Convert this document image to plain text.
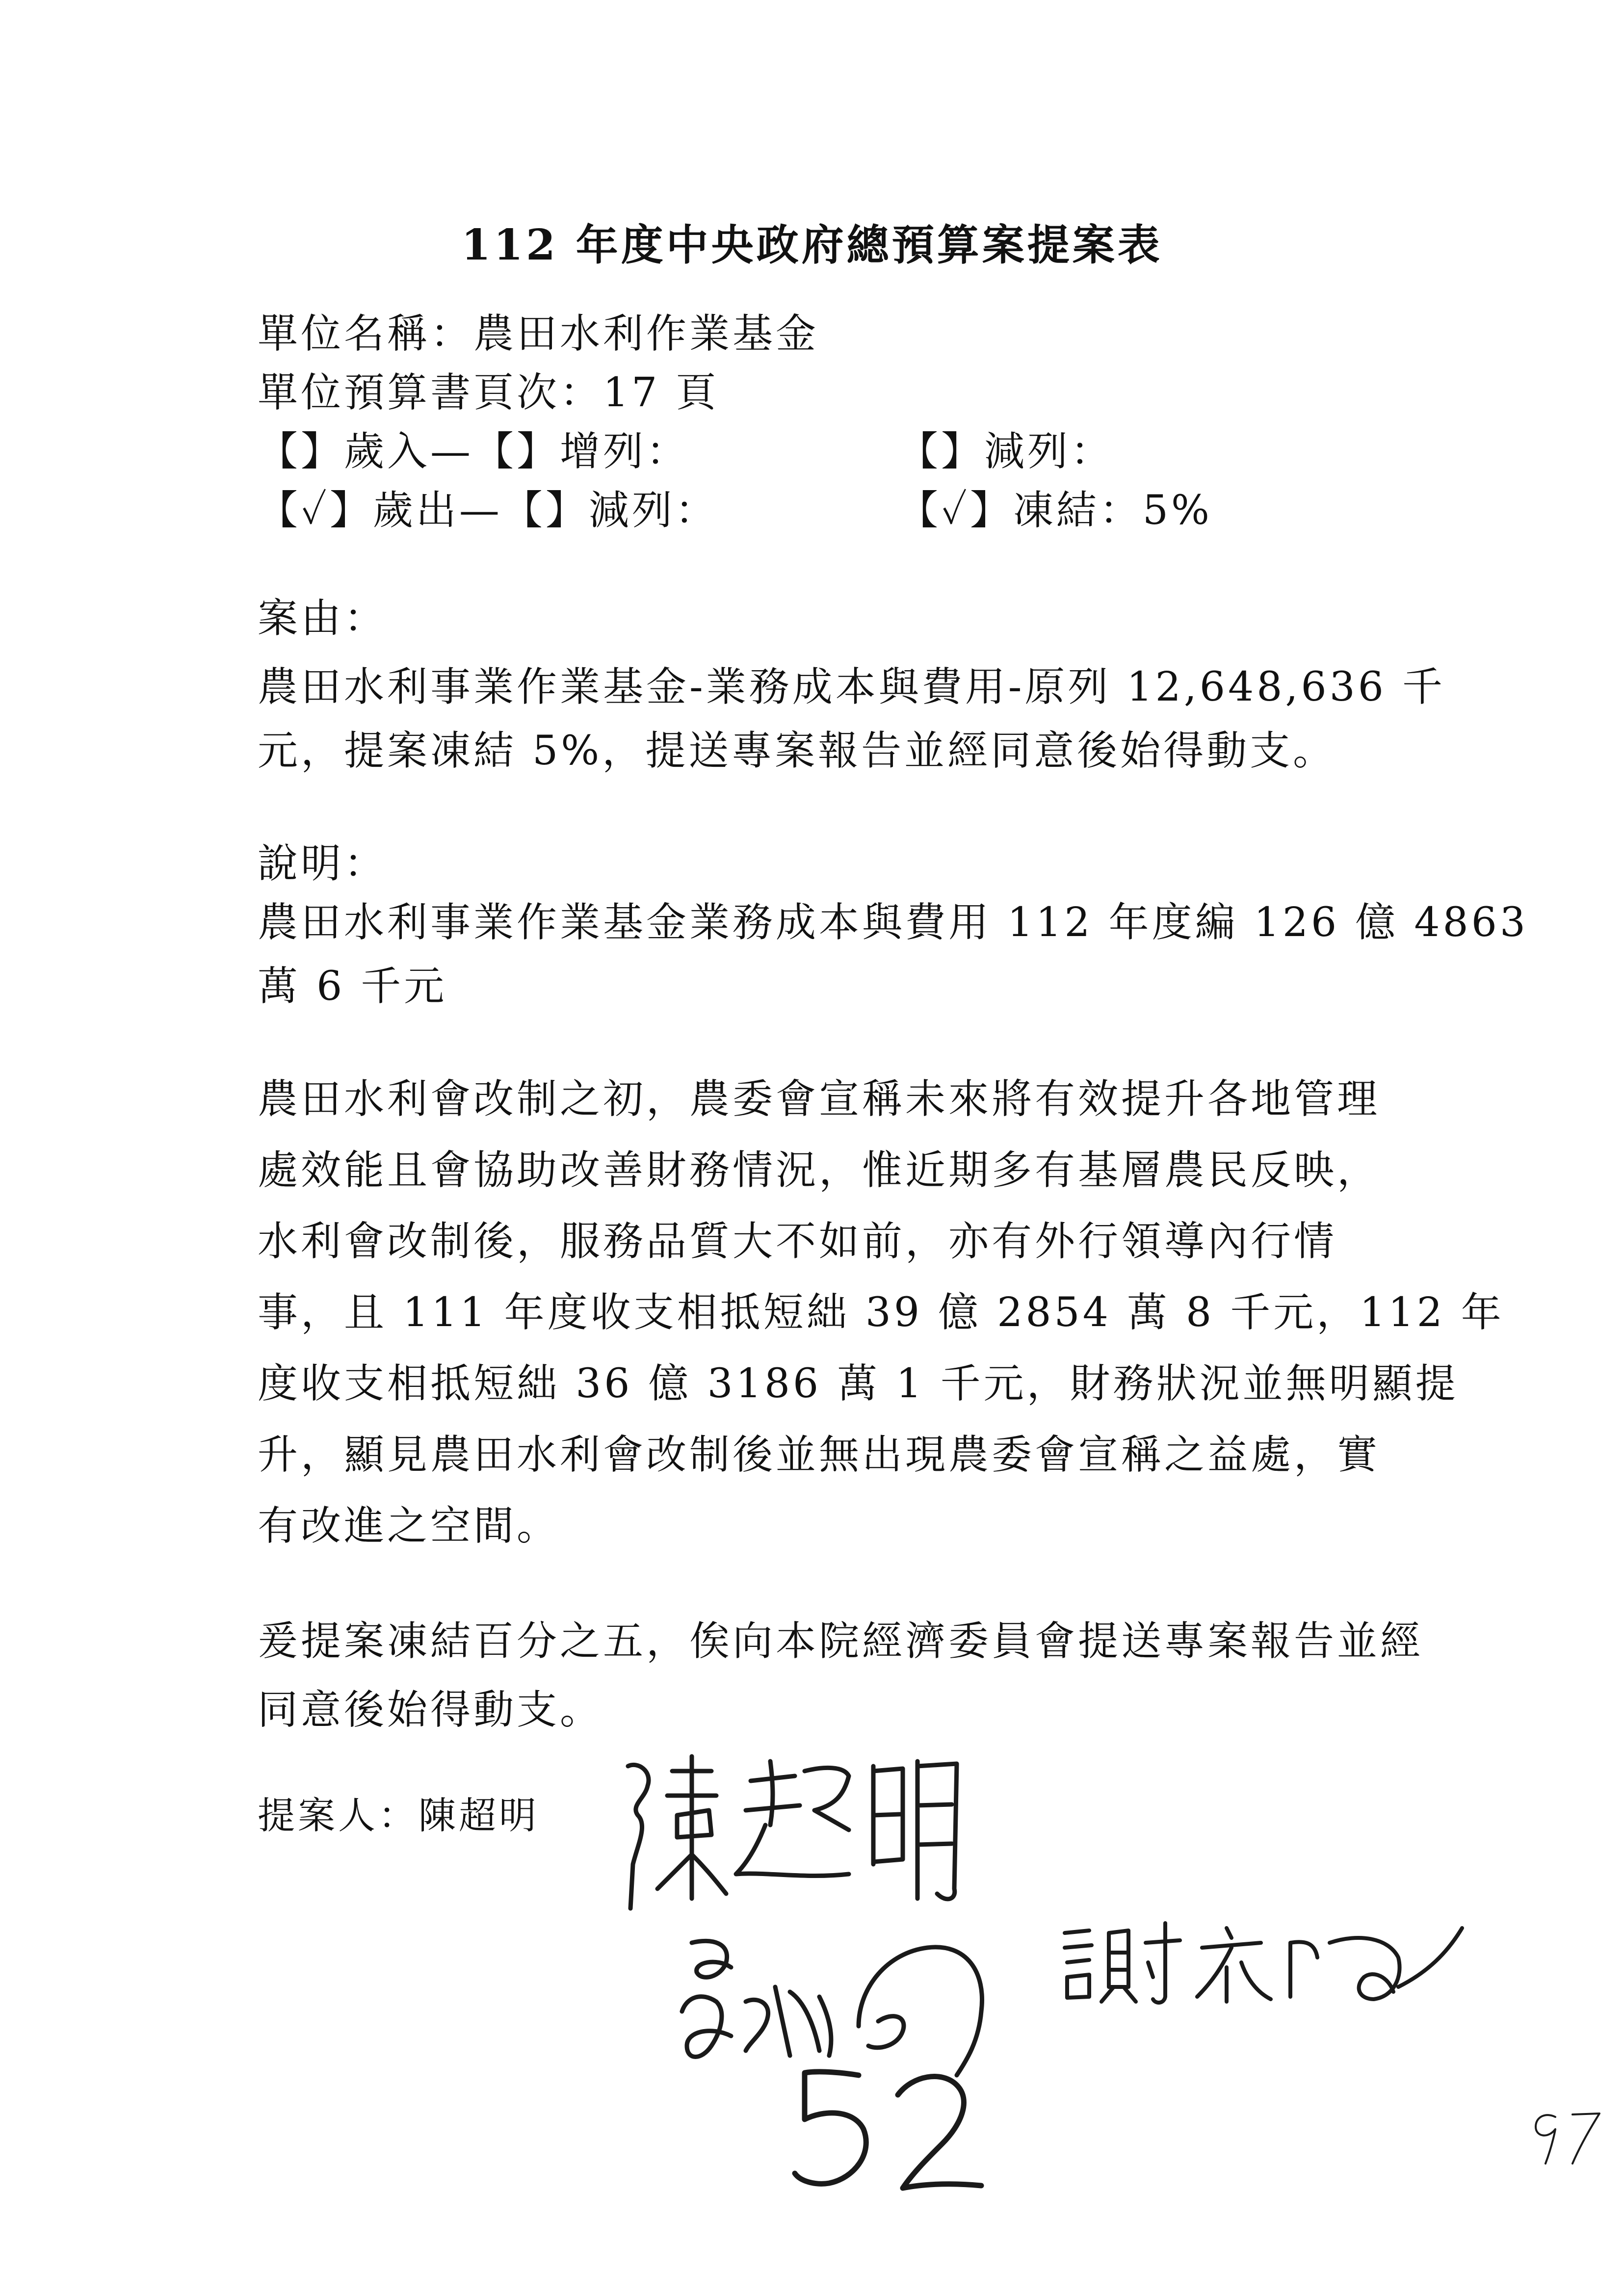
112 年度中央政府總預算案提案表
單位名稱：農田水利作業基金
單位預算書頁次：17 頁
【】歲入—【】增列：	【】減列：
【✓】歲出—【】減列：	【✓】凍結：5%
案由：
農田水利事業作業基金-業務成本與費用-原列 12,648,636 千
元，提案凍結 5%，提送專案報告並經同意後始得動支。
說明：
農田水利事業作業基金業務成本與費用 112 年度編 126 億 4863
萬 6 千元
農田水利會改制之初，農委會宣稱未來將有效提升各地管理
處效能且會協助改善財務情況，惟近期多有基層農民反映，
水利會改制後，服務品質大不如前，亦有外行領導內行情
事，且 111 年度收支相抵短絀 39 億 2854 萬 8 千元，112 年
度收支相抵短絀 36 億 3186 萬 1 千元，財務狀況並無明顯提
升，顯見農田水利會改制後並無出現農委會宣稱之益處，實
有改進之空間。
爰提案凍結百分之五，俟向本院經濟委員會提送專案報告並經
同意後始得動支。
提案人：陳超明
